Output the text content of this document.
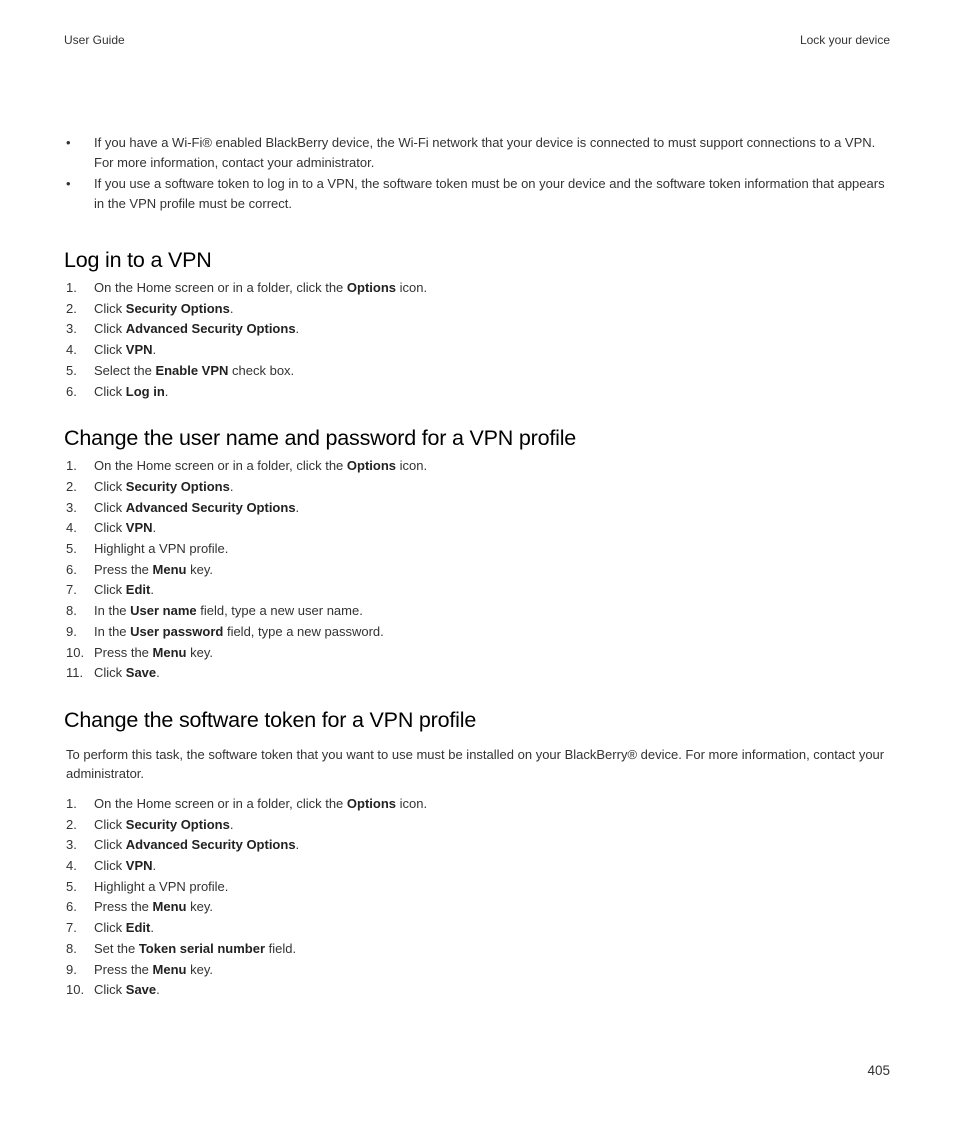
User Guide	Lock your device
• If you have a Wi-Fi® enabled BlackBerry device, the Wi-Fi network that your device is connected to must support connections to a VPN.
For more information, contact your administrator.
• If you use a software token to log in to a VPN, the software token must be on your device and the software token information that appears
in the VPN profile must be correct.
Log in to a VPN
1. On the Home screen or in a folder, click the Options icon.
2. Click Security Options.
3. Click Advanced Security Options.
4. Click VPN.
5. Select the Enable VPN check box.
6. Click Log in.
Change the user name and password for a VPN profile
1. On the Home screen or in a folder, click the Options icon.
2. Click Security Options.
3. Click Advanced Security Options.
4. Click VPN.
5. Highlight a VPN profile.
6. Press the Menu key.
7. Click Edit.
8. In the User name field, type a new user name.
9. In the User password field, type a new password.
10. Press the Menu key.
11. Click Save.
Change the software token for a VPN profile

To perform this task, the software token that you want to use must be installed on your BlackBerry® device. For more information, contact your
administrator.

1. On the Home screen or in a folder, click the Options icon.
2. Click Security Options.
3. Click Advanced Security Options.
4. Click VPN.
5. Highlight a VPN profile.
6. Press the Menu key.
7. Click Edit.
8. Set the Token serial number field.
9. Press the Menu key.
10. Click Save.
405
